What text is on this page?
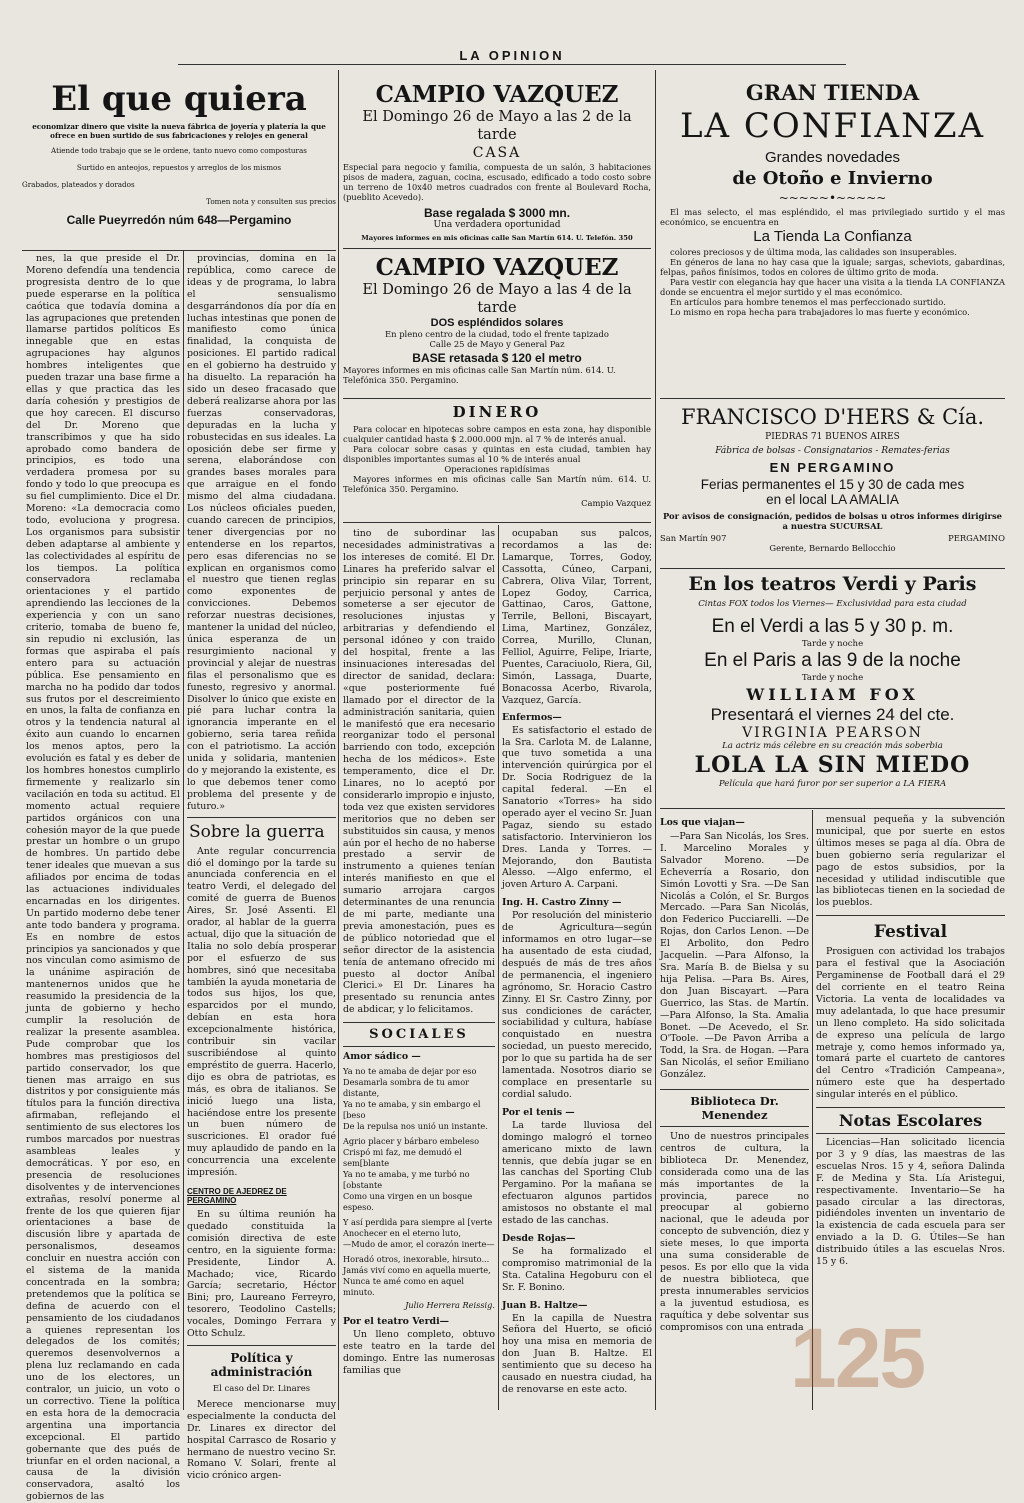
LA OPINION
El que quiera
economizar dinero que visite la nueva fábrica de joyería y platería la que ofrece en buen surtido de sus fabricaciones y relojes en general
Atiende todo trabajo que se le ordene, tanto nuevo como composturas
Surtido en anteojos, repuestos y arreglos de los mismos
Grabados, plateados y dorados
Tomen nota y consulten sus precios
Calle Pueyrredón núm 648—Pergamino

nes, la que preside el Dr. Moreno defendía una tendencia progresista dentro de lo que puede esperarse en la política caótica que todavía domina a las agrupaciones que pretenden llamarse partidos políticos Es innegable que en estas agrupaciones hay algunos hombres inteligentes que pueden trazar una base firme a ellas y que practica das les daría cohesión y prestigios de que hoy carecen. El discurso del Dr. Moreno que transcribimos y que ha sido aprobado como bandera de principios, es todo una verdadera promesa por su fondo y todo lo que preocupa es su fiel cumplimiento. Dice el Dr. Moreno: «La democracia como todo, evoluciona y progresa. Los organismos para subsistir deben adaptarse al ambiente y las colectividades al espíritu de los tiempos. La política conservadora reclamaba orientaciones y el partido aprendiendo las lecciones de la experiencia y con un sano criterio, tomaba de bueno fe, sin repudio ni exclusión, las formas que aspiraba el país entero para su actuación pública. Ese pensamiento en marcha no ha podido dar todos sus frutos por el descreimiento en unos, la falta de confianza en otros y la tendencia natural al éxito aun cuando lo encarnen los menos aptos, pero la evolución es fatal y es deber de los hombres honestos cumplirlo firmemente y realizarlo sin vacilación en toda su actitud. El momento actual requiere partidos orgánicos con una cohesión mayor de la que puede prestar un hombre o un grupo de hombres. Un partido debe tener ideales que muevan a sus afiliados por encima de todas las actuaciones individuales encarnadas en los dirigentes. Un partido moderno debe tener ante todo bandera y programa. Es en nombre de estos principios ya sancionados y que nos vinculan como asimismo de la unánime aspiración de mantenernos unidos que he reasumido la presidencia de la junta de gobierno y hecho cumplir la resolución de realizar la presente asamblea. Pude comprobar que los hombres mas prestigiosos del partido conservador, los que tienen mas arraigo en sus distritos y por consiguiente más títulos para la función directiva afirmaban, reflejando el sentimiento de sus electores los rumbos marcados por nuestras asambleas leales y democráticas. Y por eso, en presencia de resoluciones disolventes y de intervenciones extrañas, resolví ponerme al frente de los que quieren fijar orientaciones a base de discusión libre y apartada de personalismos, deseamos concluir en nuestra acción con el sistema de la manida concentrada en la sombra; pretendemos que la política se defina de acuerdo con el pensamiento de los ciudadanos a quienes representan los delegados de los comités; queremos desenvolvernos a plena luz reclamando en cada uno de los electores, un contralor, un juicio, un voto o un correctivo. Tiene la política en esta hora de la democracia argentina una importancia excepcional. El partido gobernante que des pués de triunfar en el orden nacional, a causa de la división conservadora, asaltó los gobiernos de las

provincias, domina en la república, como carece de ideas y de programa, lo labra el sensualismo desgarrándonos día por día en luchas intestinas que ponen de manifiesto como única finalidad, la conquista de posiciones. El partido radical en el gobierno ha destruido y ha disuelto. La reparación ha sido un deseo fracasado que deberá realizarse ahora por las fuerzas conservadoras, depuradas en la lucha y robustecidas en sus ideales. La oposición debe ser firme y serena, elaborándose con grandes bases morales para que arraigue en el fondo mismo del alma ciudadana. Los núcleos oficiales pueden, cuando carecen de principios, tener divergencias por no entenderse en los repartos, pero esas diferencias no se explican en organismos como el nuestro que tienen reglas como exponentes de convicciones. Debemos reforzar nuestras decisiones, mantener la unidad del núcleo, única esperanza de un resurgimiento nacional y provincial y alejar de nuestras filas el personalismo que es funesto, regresivo y anormal. Disolver lo único que existe en pié para luchar contra la ignorancia imperante en el gobierno, seria tarea reñida con el patriotismo. La acción unida y solidaria, mantenien do y mejorando la existente, es lo que debemos tener como problema del presente y de futuro.»

Sobre la guerra

Ante regular concurrencia dió el domingo por la tarde su anunciada conferencia en el teatro Verdi, el delegado del comité de guerra de Buenos Aires, Sr. José Assenti. El orador, al hablar de la guerra actual, dijo que la situación de Italia no solo debía prosperar por el esfuerzo de sus hombres, sinó que necesitaba también la ayuda monetaria de todos sus hijos, los que, esparcidos por el mundo, debían en esta hora excepcionalmente histórica, contribuir sin vacilar suscribiéndose al quinto empréstito de guerra. Hacerlo, dijo es obra de patriotas, es más, es obra de italianos. Se inició luego una lista, haciéndose entre los presente un buen número de suscriciones. El orador fué muy aplaudido de pando en la concurrencia una excelente impresión.

CENTRO DE AJEDREZ DE PERGAMINO

En su última reunión ha quedado constituida la comisión directiva de este centro, en la siguiente forma: Presidente, Lindor A. Machado; vice, Ricardo García; secretario, Héctor Bini; pro, Laureano Ferreyro, tesorero, Teodolino Castells; vocales, Domingo Ferrara y Otto Schulz.

Política y administración
El caso del Dr. Linares

Merece mencionarse muy especialmente la conducta del Dr. Linares ex director del hospital Carrasco de Rosario y hermano de nuestro vecino Sr. Romano V. Solari, frente al vicio crónico argen-

CAMPIO VAZQUEZ
El Domingo 26 de Mayo a las 2 de la tarde
CASA
Especial para negocio y familia, compuesta de un salón, 3 habitaciones pisos de madera, zaguan, cocina, escusado, edificado a todo costo sobre un terreno de 10x40 metros cuadrados con frente al Boulevard Rocha, (pueblito Acevedo).
Base regalada $ 3000 mn.
Una verdadera oportunidad
Mayores informes en mis oficinas calle San Martín 614. U. Telefón. 350
CAMPIO VAZQUEZ
El Domingo 26 de Mayo a las 4 de la tarde
DOS espléndidos solares
En pleno centro de la ciudad, todo el frente tapizado
Calle 25 de Mayo y General Paz
BASE retasada $ 120 el metro
Mayores informes en mis oficinas calle San Martín núm. 614. U. Telefónica 350. Pergamino.
DINERO
Para colocar en hipotecas sobre campos en esta zona, hay disponible cualquier cantidad hasta $ 2.000.000 mjn. al 7 % de interés anual.
Para colocar sobre casas y quintas en esta ciudad, tambien hay disponibles importantes sumas al 10 % de interés anual
Operaciones rapidísimas
Mayores informes en mis oficinas calle San Martín núm. 614. U. Telefónica 350. Pergamino.
Campio Vazquez

tino de subordinar las necesidades administrativas a los intereses de comité. El Dr. Linares ha preferido salvar el principio sin reparar en su perjuicio personal y antes de someterse a ser ejecutor de resoluciones injustas y arbitrarias y defendiendo el personal idóneo y con traido del hospital, frente a las insinuaciones interesadas del director de sanidad, declara: «que posteriormente fué llamado por el director de la administración sanitaria, quien le manifestó que era necesario reorganizar todo el personal barriendo con todo, excepción hecha de los médicos». Este temperamento, dice el Dr. Linares, no lo aceptó por considerarlo impropio e injusto, toda vez que existen servidores meritorios que no deben ser substituidos sin causa, y menos aún por el hecho de no haberse prestado a servir de instrumento a quienes tenían interés manifiesto en que el sumario arrojara cargos determinantes de una renuncia de mi parte, mediante una previa amonestación, pues es de público notoriedad que el señor director de la asistencia tenía de antemano ofrecido mi puesto al doctor Aníbal Clerici.» El Dr. Linares ha presentado su renuncia antes de abdicar, y lo felicitamos.

SOCIALES
Amor sádico —
Ya no te amaba de dejar por eso
Desamarla sombra de tu amor distante,
Ya no te amaba, y sin embargo el [beso
De la repulsa nos unió un instante.
Agrio placer y bárbaro embeleso
Crispó mi faz, me demudó el sem[blante
Ya no te amaba, y me turbó no [obstante
Como una virgen en un bosque espeso.
Y así perdida para siempre al [verte
Anochecer en el eterno luto,
—Mudo de amor, el corazón inerte—
Horadó otros, inexorable, hirsuto...
Jamás viví como en aquella muerte,
Nunca te amé como en aquel minuto.
Julio Herrera Reissig.
Por el teatro Verdi—

Un lleno completo, obtuvo este teatro en la tarde del domingo. Entre las numerosas familias que

ocupaban sus palcos, recordamos a las de: Lamarque, Torres, Godoy, Cassotta, Cúneo, Carpani, Cabrera, Oliva Vilar, Torrent, Lopez Godoy, Carrica, Gattinao, Caros, Gattone, Terrile, Belloni, Biscayart, Lima, Martinez, González, Correa, Murillo, Clunan, Felliol, Aguirre, Felipe, Iriarte, Puentes, Caraciuolo, Riera, Gil, Simón, Lassaga, Duarte, Bonacossa Acerbo, Rivarola, Vazquez, García.

Enfermos—

Es satisfactorio el estado de la Sra. Carlota M. de Lalanne, que tuvo sometida a una intervención quirúrgica por el Dr. Socia Rodriguez de la capital federal. —En el Sanatorio «Torres» ha sido operado ayer el vecino Sr. Juan Pagaz, siendo su estado satisfactorio. Intervinieron los Dres. Landa y Torres. —Mejorando, don Bautista Alesso. —Algo enfermo, el joven Arturo A. Carpani.

Ing. H. Castro Zinny —

Por resolución del ministerio de Agricultura—según informamos en otro lugar—se ha ausentado de esta ciudad, después de más de tres años de permanencia, el ingeniero agrónomo, Sr. Horacio Castro Zinny. El Sr. Castro Zinny, por sus condiciones de carácter, sociabilidad y cultura, habíase conquistado en nuestra sociedad, un puesto merecido, por lo que su partida ha de ser lamentada. Nosotros diario se complace en presentarle su cordial saludo.

Por el tenis —

La tarde lluviosa del domingo malogró el torneo americano mixto de lawn tennis, que debía jugar se en las canchas del Sporting Club Pergamino. Por la mañana se efectuaron algunos partidos amistosos no obstante el mal estado de las canchas.

Desde Rojas—

Se ha formalizado el compromiso matrimonial de la Sta. Catalina Hegoburu con el Sr. F. Bonino.

Juan B. Haltze—

En la capilla de Nuestra Señora del Huerto, se ofició hoy una misa en memoria de don Juan B. Haltze. El sentimiento que su deceso ha causado en nuestra ciudad, ha de renovarse en este acto.

GRAN TIENDA
LA CONFIANZA
Grandes novedades
de Otoño e Invierno
~~~~~•~~~~~
El mas selecto, el mas espléndido, el mas privilegiado surtido y el mas económico, se encuentra en
La Tienda La Confianza
colores preciosos y de última moda, las calidades son insuperables.
En géneros de lana no hay casa que la iguale; sargas, scheviots, gabardinas, felpas, paños finísimos, todos en colores de último grito de moda.
Para vestir con elegancia hay que hacer una visita a la tienda LA CONFIANZA donde se encuentra el mejor surtido y el mas económico.
En artículos para hombre tenemos el mas perfeccionado surtido.
Lo mismo en ropa hecha para trabajadores lo mas fuerte y económico.
FRANCISCO D'HERS & Cía.
PIEDRAS 71 BUENOS AIRES
Fábrica de bolsas - Consignatarios - Remates-ferias
EN PERGAMINO
Ferias permanentes el 15 y 30 de cada mes
en el local LA AMALIA
Por avisos de consignación, pedidos de bolsas u otros informes dirigirse a nuestra SUCURSAL
San Martín 907	PERGAMINO
Gerente, Bernardo Bellocchio
En los teatros Verdi y Paris
Cintas FOX todos los Viernes— Exclusividad para esta ciudad
En el Verdi a las 5 y 30 p. m.
Tarde y noche
En el Paris a las 9 de la noche
Tarde y noche
WILLIAM FOX
Presentará el viernes 24 del cte.
VIRGINIA PEARSON
La actriz más célebre en su creación más soberbia
LOLA LA SIN MIEDO
Película que hará furor por ser superior a LA FIERA
Los que viajan—

—Para San Nicolás, los Sres. I. Marcelino Morales y Salvador Moreno. —De Echeverría a Rosario, don Simón Lovotti y Sra. —De San Nicolás a Colón, el Sr. Burgos Mercado. —Para San Nicolás, don Federico Pucciarelli. —De Rojas, don Carlos Lenon. —De El Arbolito, don Pedro Jacquelin. —Para Alfonso, la Sra. María B. de Bielsa y su hija Pelisa. —Para Bs. Aires, don Juan Biscayart. —Para Guerrico, las Stas. de Martín. —Para Alfonso, la Sta. Amalia Bonet. —De Acevedo, el Sr. O'Toole. —De Pavon Arriba a Todd, la Sra. de Hogan. —Para San Nicolás, el señor Emiliano González.

Biblioteca Dr. Menendez

Uno de nuestros principales centros de cultura, la biblioteca Dr. Menendez, considerada como una de las más importantes de la provincia, parece no preocupar al gobierno nacional, que le adeuda por concepto de subvención, diez y siete meses, lo que importa una suma considerable de pesos. Es por ello que la vida de nuestra biblioteca, que presta innumerables servicios a la juventud estudiosa, es raquítica y debe solventar sus compromisos con una entrada

mensual pequeña y la subvención municipal, que por suerte en estos últimos meses se paga al día. Obra de buen gobierno sería regularizar el pago de estos subsidios, por la necesidad y utilidad indiscutible que las bibliotecas tienen en la sociedad de los pueblos.

Festival

Prosiguen con actividad los trabajos para el festival que la Asociación Pergaminense de Football dará el 29 del corriente en el teatro Reina Victoria. La venta de localidades va muy adelantada, lo que hace presumir un lleno completo. Ha sido solicitada de expreso una película de largo metraje y, como hemos informado ya, tomará parte el cuarteto de cantores del Centro «Tradición Campeana», número este que ha despertado singular interés en el público.

Notas Escolares

Licencias—Han solicitado licencia por 3 y 9 días, las maestras de las escuelas Nros. 15 y 4, señora Dalinda F. de Medina y Sta. Lía Aristegui, respectivamente. Inventario—Se ha pasado circular a las directoras, pidiéndoles inventen un inventario de la existencia de cada escuela para ser enviado a la D. G. Útiles—Se han distribuido útiles a las escuelas Nros. 15 y 6.

125
